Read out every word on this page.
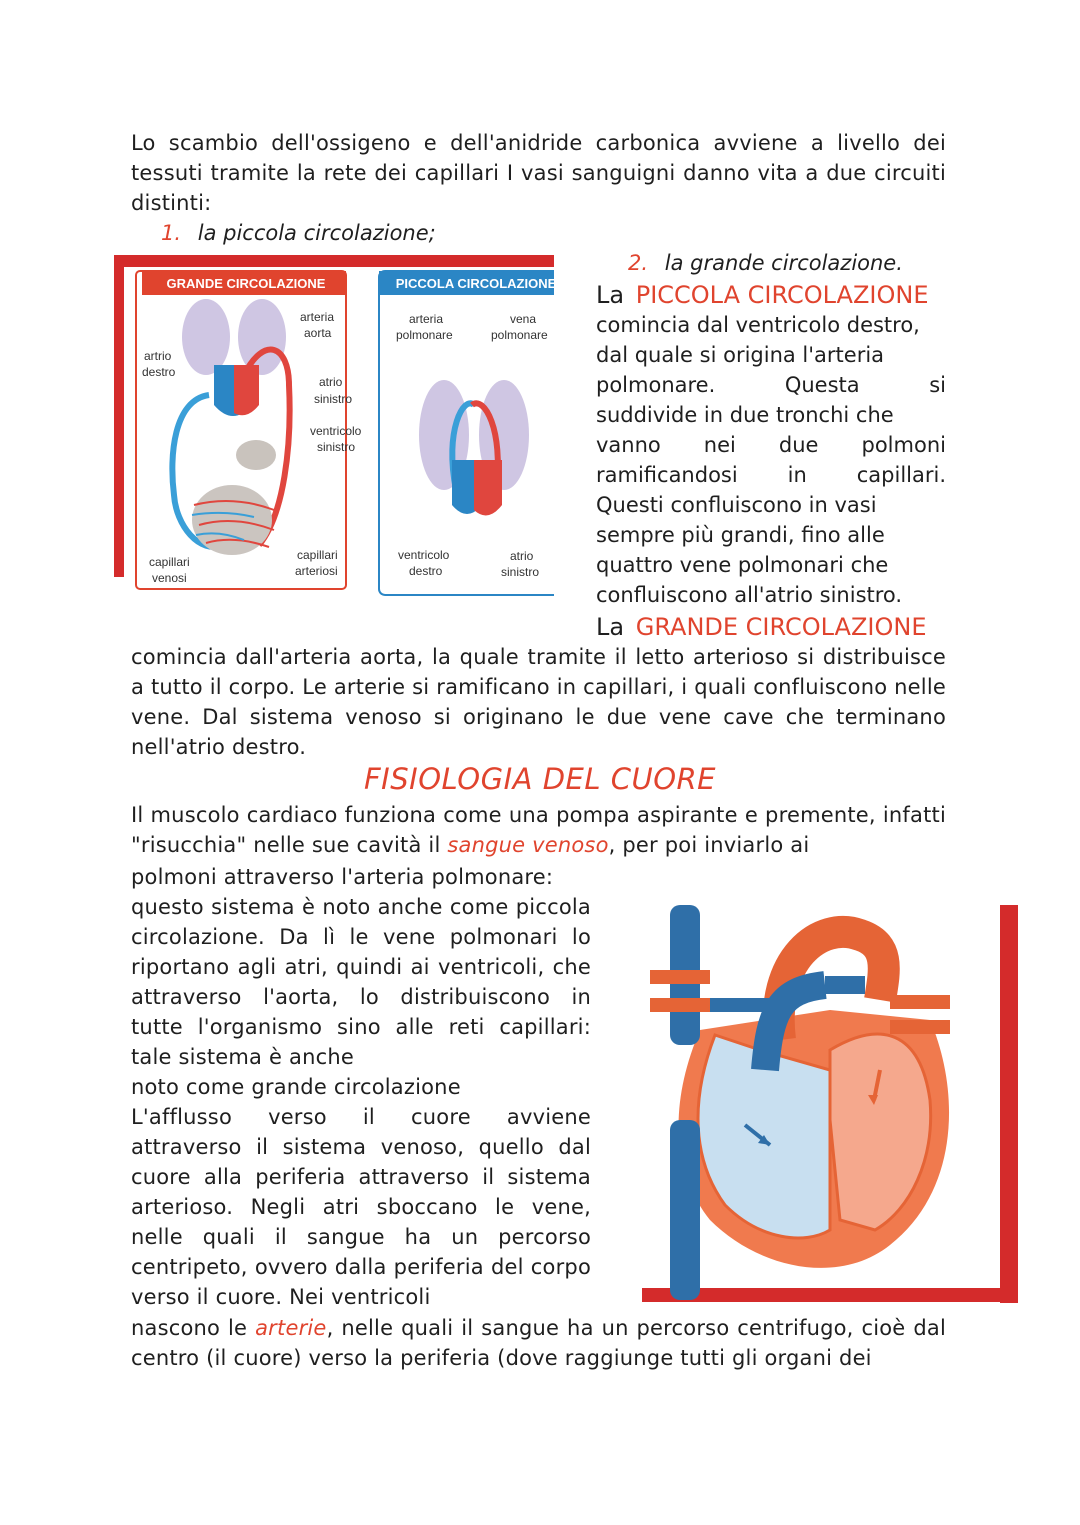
Lo scambio dell'ossigeno e dell'anidride carbonica avviene a livello dei tessuti tramite la rete dei capillari I vasi sanguigni danno vita a due circuiti distinti:

1. la piccola circolazione;
2. la grande circolazione.
GRANDE CIRCOLAZIONE
arteria
aorta
artrio
destro
atrio
sinistro
ventricolo
sinistro
capillari
venosi
capillari
arteriosi
PICCOLA CIRCOLAZIONE
arteria
polmonare
vena
polmonare
ventricolo
destro
atrio
sinistro
La PICCOLA CIRCOLAZIONE
comincia dal ventricolo destro,
dal quale si origina l'arteria
polmonare.	Questa	si
suddivide in due tronchi che
vanno nei due polmoni
ramificandosi in capillari.
Questi confluiscono in vasi
sempre più grandi, fino alle
quattro vene polmonari che
confluiscono all'atrio sinistro.
La GRANDE CIRCOLAZIONE

comincia dall'arteria aorta, la quale tramite il letto arterioso si distribuisce a tutto il corpo. Le arterie si ramificano in capillari, i quali confluiscono nelle vene. Dal sistema venoso si originano le due vene cave che terminano nell'atrio destro.

FISIOLOGIA DEL CUORE

Il muscolo cardiaco funziona come una pompa aspirante e premente, infatti "risucchia" nelle sue cavità il sangue venoso, per poi inviarlo ai

polmoni attraverso l'arteria polmonare:
questo sistema è noto anche come piccola circolazione. Da lì le vene polmonari lo riportano agli atri, quindi ai ventricoli, che attraverso l'aorta, lo distribuiscono in tutte l'organismo sino alle reti capillari: tale sistema è anche
noto come grande circolazione
L'afflusso verso il cuore avviene attraverso il sistema venoso, quello dal cuore alla periferia attraverso il sistema arterioso. Negli atri sboccano le vene, nelle quali il sangue ha un percorso centripeto, ovvero dalla periferia del corpo verso il cuore. Nei ventricoli

nascono le arterie, nelle quali il sangue ha un percorso centrifugo, cioè dal centro (il cuore) verso la periferia (dove raggiunge tutti gli organi dei
